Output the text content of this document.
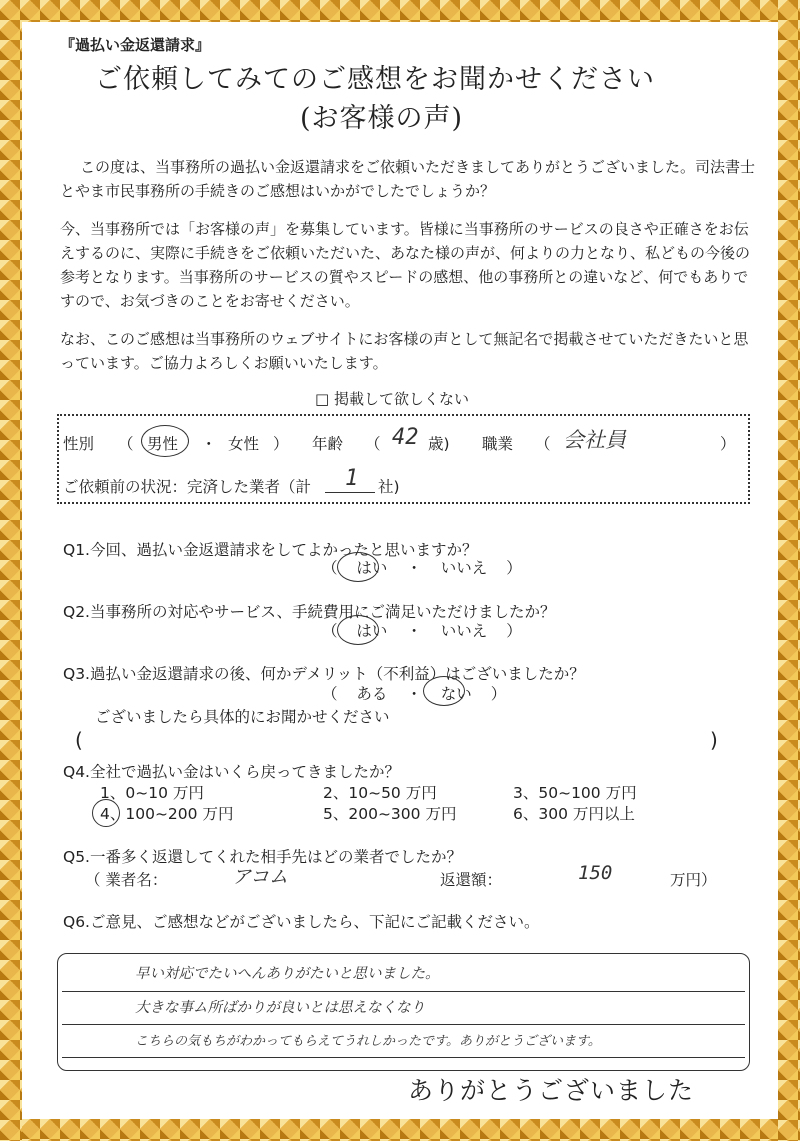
『過払い金返還請求』
ご依頼してみてのご感想をお聞かせください
(お客様の声)
この度は、当事務所の過払い金返還請求をご依頼いただきましてありがとうございました。司法書士とやま市民事務所の手続きのご感想はいかがでしたでしょうか？
今、当事務所では「お客様の声」を募集しています。皆様に当事務所のサービスの良さや正確さをお伝えするのに、実際に手続きをご依頼いただいた、あなた様の声が、何よりの力となり、私どもの今後の参考となります。当事務所のサービスの質やスピードの感想、他の事務所との違いなど、何でもありですので、お気づきのことをお寄せください。
なお、このご感想は当事務所のウェブサイトにお客様の声として無記名で掲載させていただきたいと思っています。ご協力よろしくお願いいたします。
□ 掲載して欲しくない
性別 （ 男性 ・ 女性 ） 年齢 （ 42 歳) 職業 （ 会社員	）
ご依頼前の状況：完済した業者（計 1 社)
Q1.今回、過払い金返還請求をしてよかったと思いますか？
（ はい ・ いいえ ）
Q2.当事務所の対応やサービス、手続費用にご満足いただけましたか？
（ はい ・ いいえ ）
Q3.過払い金返還請求の後、何かデメリット（不利益）はございましたか？
（ ある ・ ない ）
ございましたら具体的にお聞かせください
(	)
Q4.全社で過払い金はいくら戻ってきましたか？
1、0~10 万円	2、10~50 万円	3、50~100 万円
4、100~200 万円	5、200~300 万円	6、300 万円以上
Q5.一番多く返還してくれた相手先はどの業者でしたか？
（ 業者名：	アコム	返還額：	150	万円）
Q6.ご意見、ご感想などがございましたら、下記にご記載ください。
早い対応でたいへんありがたいと思いました。
大きな事ム所ばかりが良いとは思えなくなり
こちらの気もちがわかってもらえてうれしかったです。ありがとうございます。
ありがとうございました
